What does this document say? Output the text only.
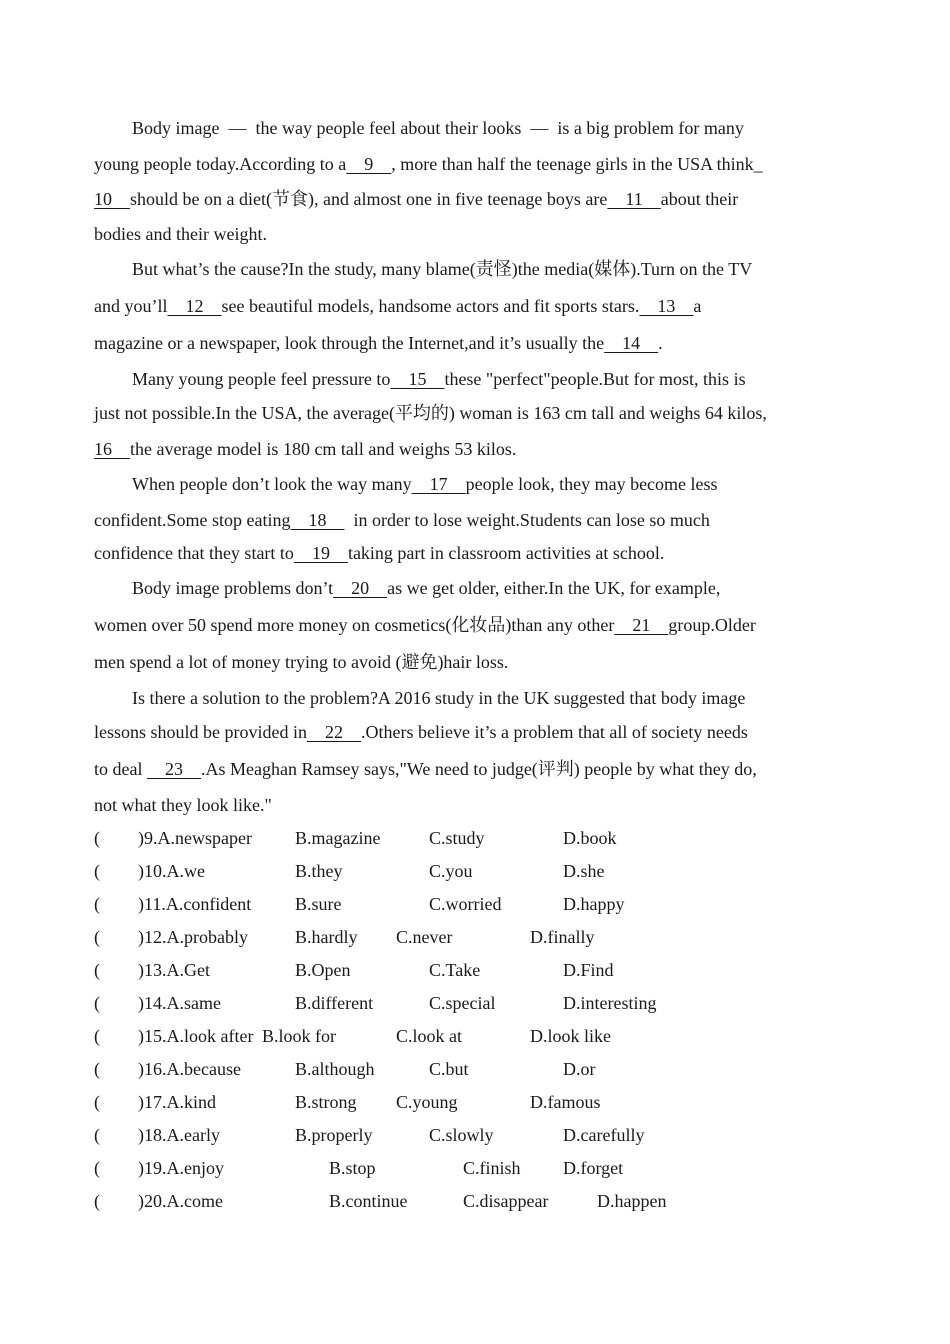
Body image  —  the way people feel about their looks  —  is a big problem for many
young people today.According to a    9    , more than half the teenage girls in the USA think_
10    should be on a diet(节食), and almost one in five teenage boys are    11    about their
bodies and their weight.
But what’s the cause?In the study, many blame(责怪)the media(媒体).Turn on the TV
and you’ll    12    see beautiful models, handsome actors and fit sports stars.    13    a
magazine or a newspaper, look through the Internet,and it’s usually the    14    .
Many young people feel pressure to    15    these "perfect"people.But for most, this is
just not possible.In the USA, the average(平均的) woman is 163 cm tall and weighs 64 kilos,
16    the average model is 180 cm tall and weighs 53 kilos.
When people don’t look the way many    17    people look, they may become less
confident.Some stop eating    18      in order to lose weight.Students can lose so much
confidence that they start to    19    taking part in classroom activities at school.
Body image problems don’t    20    as we get older, either.In the UK, for example,
women over 50 spend more money on cosmetics(化妆品)than any other    21    group.Older
men spend a lot of money trying to avoid (避免)hair loss.
Is there a solution to the problem?A 2016 study in the UK suggested that body image
lessons should be provided in    22    .Others believe it’s a problem that all of society needs
to deal     23    .As Meaghan Ramsey says,"We need to judge(评判) people by what they do,
not what they look like."
( )9.A.newspaper B.magazine	C.study	D.book
( )10.A.we	B.they	C.you	D.she
( )11.A.confident B.sure	C.worried	D.happy
( )12.A.probably	B.hardly C.never	D.finally
( )13.A.Get	B.Open	C.Take	D.Find
( )14.A.same	B.different	C.special	D.interesting
( )15.A.look after B.look for	C.look at	D.look like
( )16.A.because	B.although	C.but	D.or
( )17.A.kind	B.strong C.young	D.famous
( )18.A.early	B.properly	C.slowly	D.carefully
( )19.A.enjoy	B.stop	C.finish D.forget
( )20.A.come	B.continue	C.disappear	D.happen
